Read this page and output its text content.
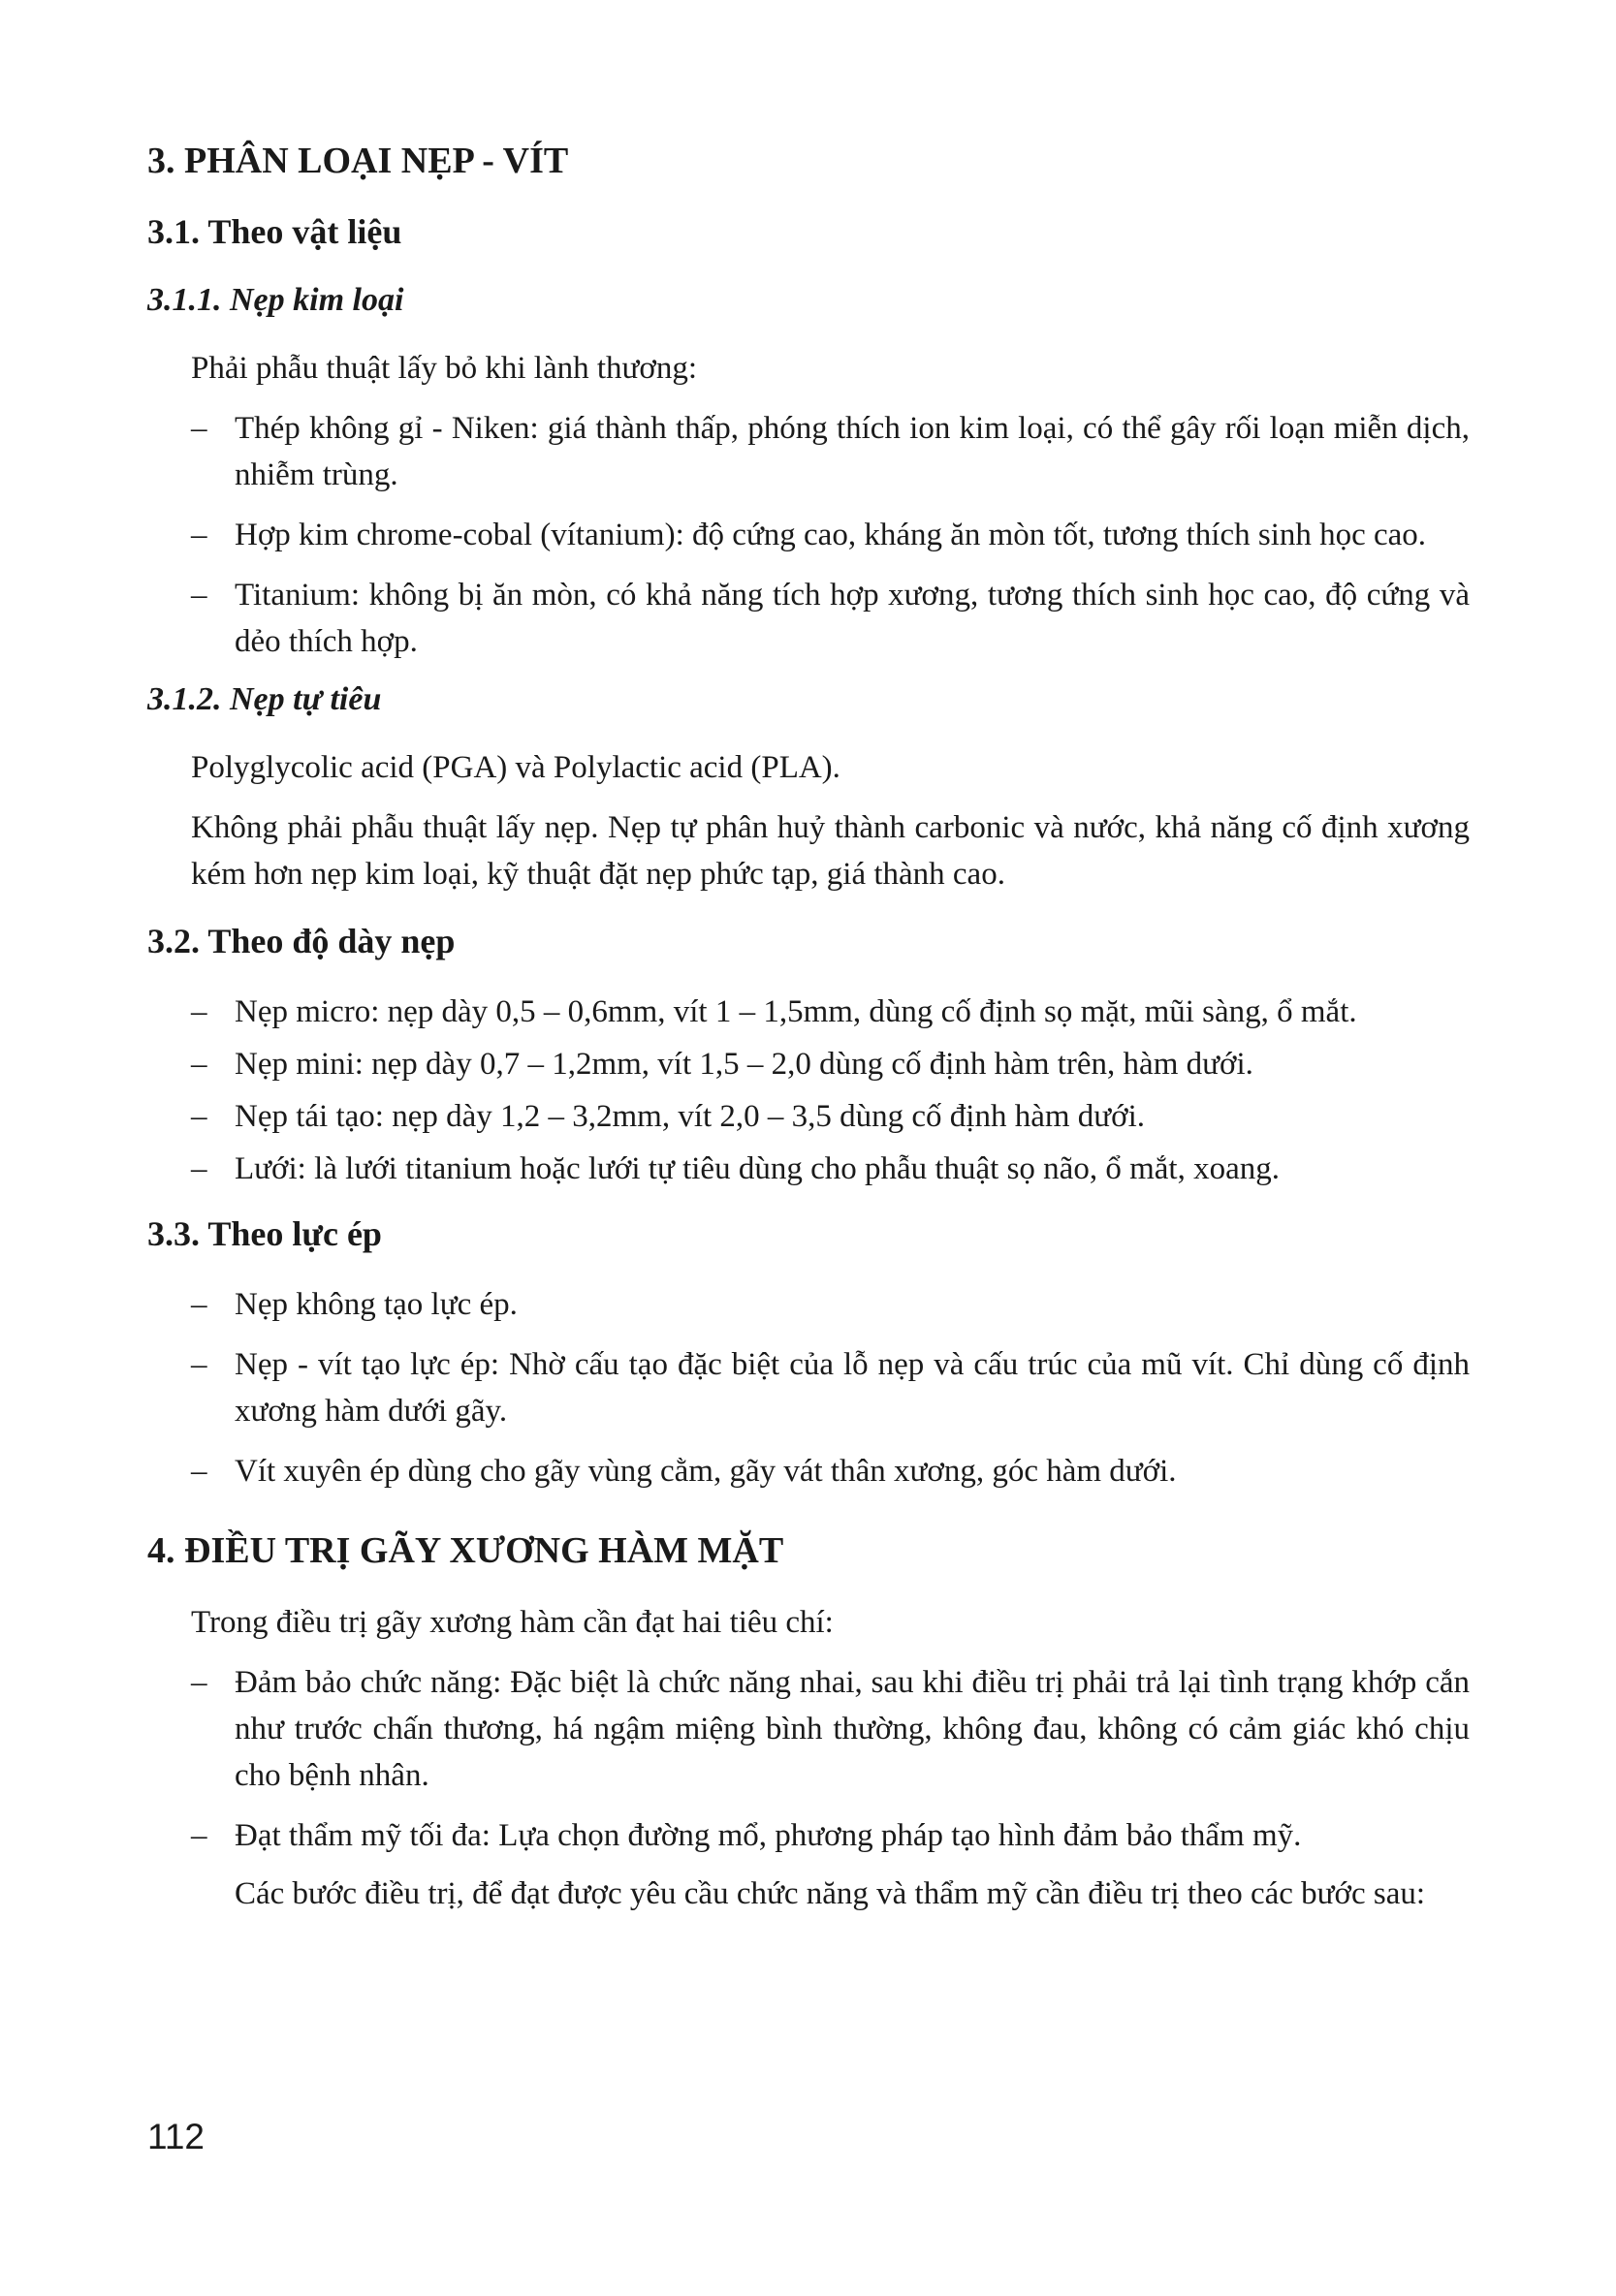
3. PHÂN LOẠI NẸP - VÍT
3.1. Theo vật liệu
3.1.1. Nẹp kim loại
Phải phẫu thuật lấy bỏ khi lành thương:
– Thép không gỉ - Niken: giá thành thấp, phóng thích ion kim loại, có thể gây rối loạn miễn dịch, nhiễm trùng.
– Hợp kim chrome-cobal (vítanium): độ cứng cao, kháng ăn mòn tốt, tương thích sinh học cao.
– Titanium: không bị ăn mòn, có khả năng tích hợp xương, tương thích sinh học cao, độ cứng và dẻo thích hợp.
3.1.2. Nẹp tự tiêu
Polyglycolic acid (PGA) và Polylactic acid (PLA).
Không phải phẫu thuật lấy nẹp. Nẹp tự phân huỷ thành carbonic và nước, khả năng cố định xương kém hơn nẹp kim loại, kỹ thuật đặt nẹp phức tạp, giá thành cao.
3.2. Theo độ dày nẹp
– Nẹp micro: nẹp dày 0,5 – 0,6mm, vít 1 – 1,5mm, dùng cố định sọ mặt, mũi sàng, ổ mắt.
– Nẹp mini: nẹp dày 0,7 – 1,2mm, vít 1,5 – 2,0 dùng cố định hàm trên, hàm dưới.
– Nẹp tái tạo: nẹp dày 1,2 – 3,2mm, vít 2,0 – 3,5 dùng cố định hàm dưới.
– Lưới: là lưới titanium hoặc lưới tự tiêu dùng cho phẫu thuật sọ não, ổ mắt, xoang.
3.3. Theo lực ép
– Nẹp không tạo lực ép.
– Nẹp - vít tạo lực ép: Nhờ cấu tạo đặc biệt của lỗ nẹp và cấu trúc của mũ vít. Chỉ dùng cố định xương hàm dưới gãy.
– Vít xuyên ép dùng cho gãy vùng cằm, gãy vát thân xương, góc hàm dưới.
4. ĐIỀU TRỊ GÃY XƯƠNG HÀM MẶT
Trong điều trị gãy xương hàm cần đạt hai tiêu chí:
– Đảm bảo chức năng: Đặc biệt là chức năng nhai, sau khi điều trị phải trả lại tình trạng khớp cắn như trước chấn thương, há ngậm miệng bình thường, không đau, không có cảm giác khó chịu cho bệnh nhân.
– Đạt thẩm mỹ tối đa: Lựa chọn đường mổ, phương pháp tạo hình đảm bảo thẩm mỹ.
Các bước điều trị, để đạt được yêu cầu chức năng và thẩm mỹ cần điều trị theo các bước sau:
112
